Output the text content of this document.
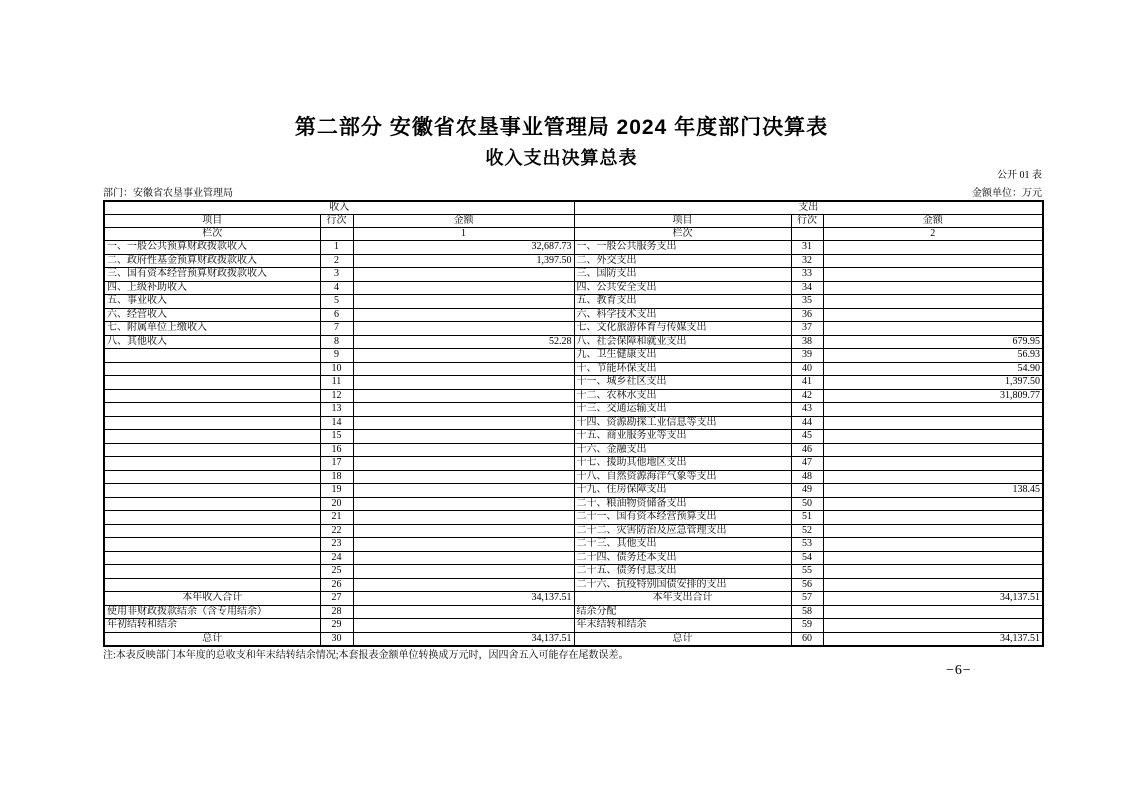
第二部分 安徽省农垦事业管理局 2024 年度部门决算表
收入支出决算总表
公开 01 表
部门：安徽省农垦事业管理局	金额单位：万元
收入			支出		
项目	行次	金额	项目	行次	金额
栏次		1	栏次		2
一、一般公共预算财政拨款收入	1	32,687.73	一、一般公共服务支出	31	
二、政府性基金预算财政拨款收入	2	1,397.50	二、外交支出	32	
三、国有资本经营预算财政拨款收入	3		三、国防支出	33	
四、上级补助收入	4		四、公共安全支出	34	
五、事业收入	5		五、教育支出	35	
六、经营收入	6		六、科学技术支出	36	
七、附属单位上缴收入	7		七、文化旅游体育与传媒支出	37	
八、其他收入	8	52.28	八、社会保障和就业支出	38	679.95
	9		九、卫生健康支出	39	56.93
	10		十、节能环保支出	40	54.90
	11		十一、城乡社区支出	41	1,397.50
	12		十二、农林水支出	42	31,809.77
	13		十三、交通运输支出	43	
	14		十四、资源勘探工业信息等支出	44	
	15		十五、商业服务业等支出	45	
	16		十六、金融支出	46	
	17		十七、援助其他地区支出	47	
	18		十八、自然资源海洋气象等支出	48	
	19		十九、住房保障支出	49	138.45
	20		二十、粮油物资储备支出	50	
	21		二十一、国有资本经营预算支出	51	
	22		二十二、灾害防治及应急管理支出	52	
	23		二十三、其他支出	53	
	24		二十四、债务还本支出	54	
	25		二十五、债务付息支出	55	
	26		二十六、抗疫特别国债安排的支出	56	
本年收入合计	27	34,137.51	本年支出合计	57	34,137.51
使用非财政拨款结余（含专用结余）	28		结余分配	58	
年初结转和结余	29		年末结转和结余	59	
总计	30	34,137.51	总计	60	34,137.51
注:本表反映部门本年度的总收支和年末结转结余情况;本套报表金额单位转换成万元时，因四舍五入可能存在尾数误差。
−6−
